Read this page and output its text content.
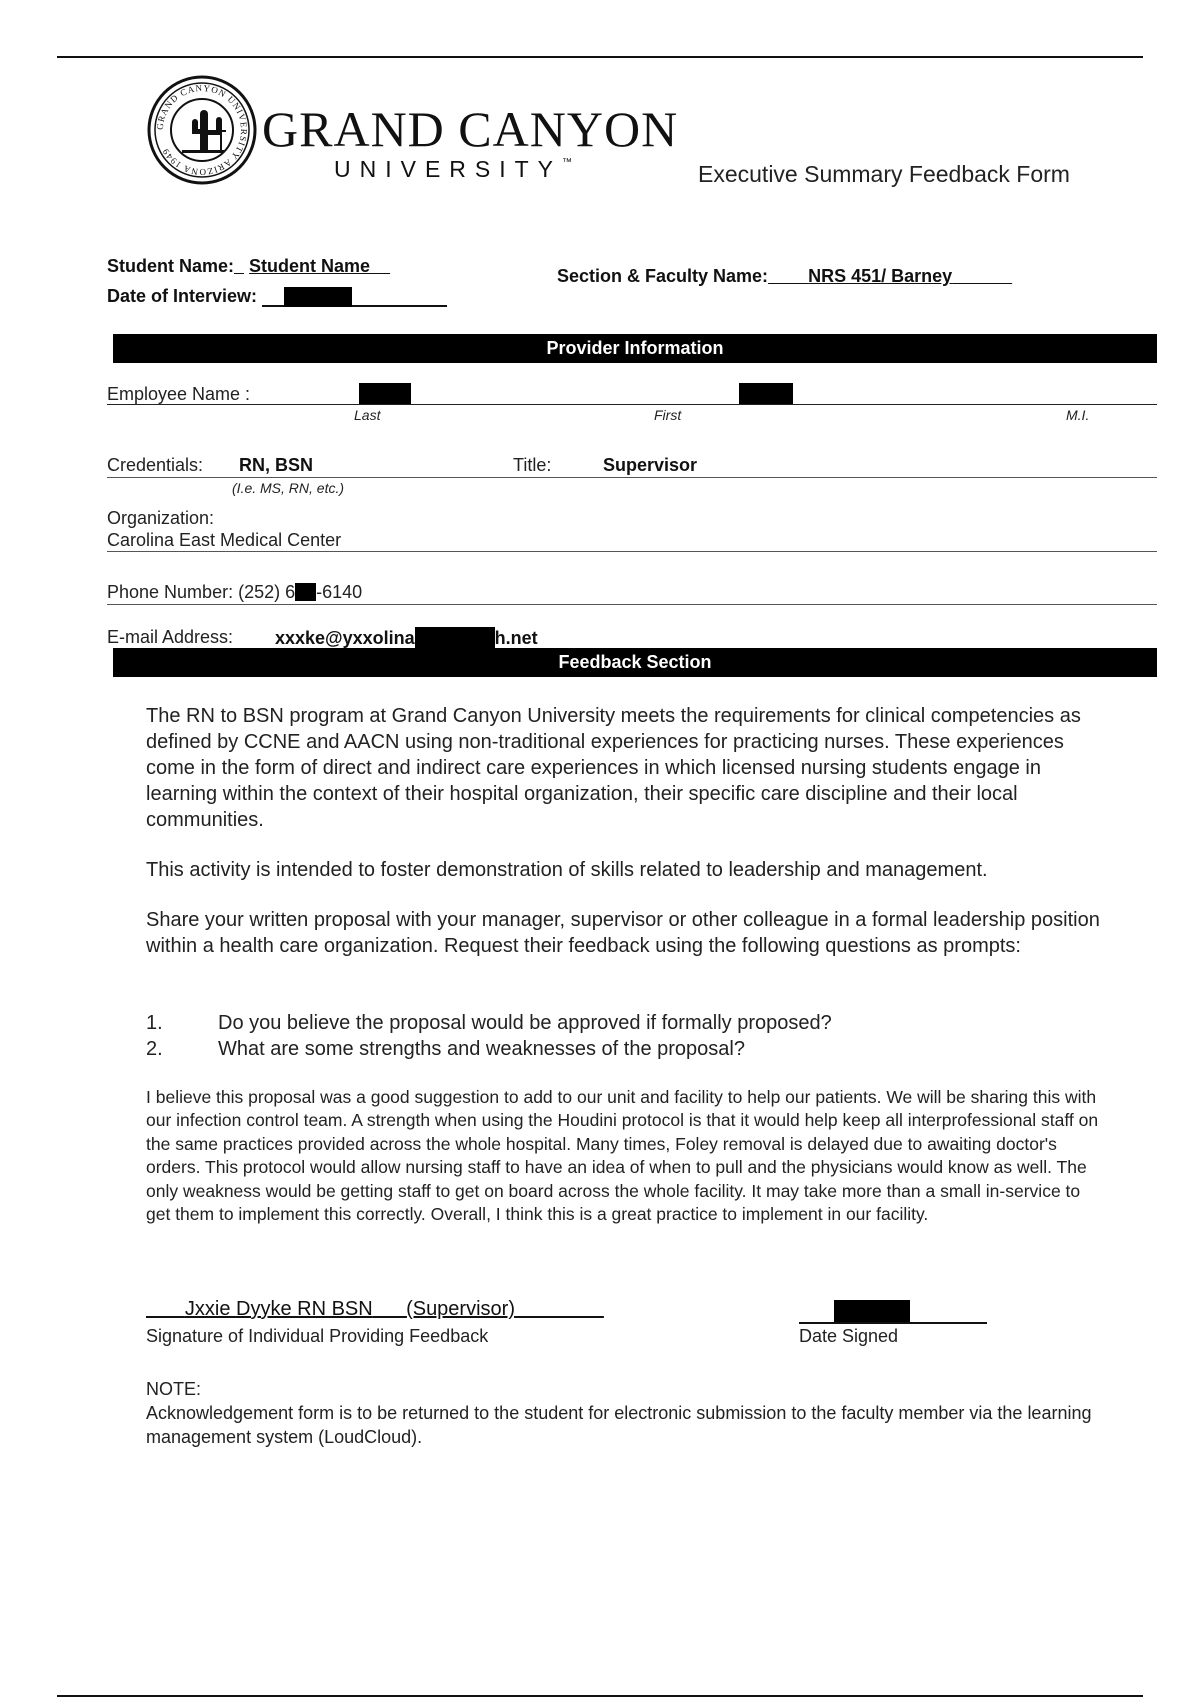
GRAND CANYON UNIVERSITY ARIZONA 1949	GRAND CANYON
UNIVERSITY™	Executive Summary Feedback Form
Student Name: Student Name
Date of Interview:
Section & Faculty Name: NRS 451/ Barney
Provider Information
Employee Name :
Last	First	M.I.
Credentials: RN, BSN	Title:	Supervisor
(I.e. MS, RN, etc.)
Organization:
Carolina East Medical Center
Phone Number: (252) 6 -6140
E-mail Address: xxxke@yxxolina	h.net
Feedback Section

The RN to BSN program at Grand Canyon University meets the requirements for clinical competencies as defined by CCNE and AACN using non-traditional experiences for practicing nurses. These experiences come in the form of direct and indirect care experiences in which licensed nursing students engage in learning within the context of their hospital organization, their specific care discipline and their local communities.

This activity is intended to foster demonstration of skills related to leadership and management.

Share your written proposal with your manager, supervisor or other colleague in a formal leadership position within a health care organization. Request their feedback using the following questions as prompts:

1.	Do you believe the proposal would be approved if formally proposed?
2.	What are some strengths and weaknesses of the proposal?
I believe this proposal was a good suggestion to add to our unit and facility to help our patients. We will be sharing this with our infection control team. A strength when using the Houdini protocol is that it would help keep all interprofessional staff on the same practices provided across the whole hospital. Many times, Foley removal is delayed due to awaiting doctor's orders. This protocol would allow nursing staff to have an idea of when to pull and the physicians would know as well. The only weakness would be getting staff to get on board across the whole facility. It may take more than a small in-service to get them to implement this correctly. Overall, I think this is a great practice to implement in our facility.
Jxxie Dyyke RN BSN (Supervisor)
Signature of Individual Providing Feedback	Date Signed
NOTE:
Acknowledgement form is to be returned to the student for electronic submission to the faculty member via the learning management system (LoudCloud).
